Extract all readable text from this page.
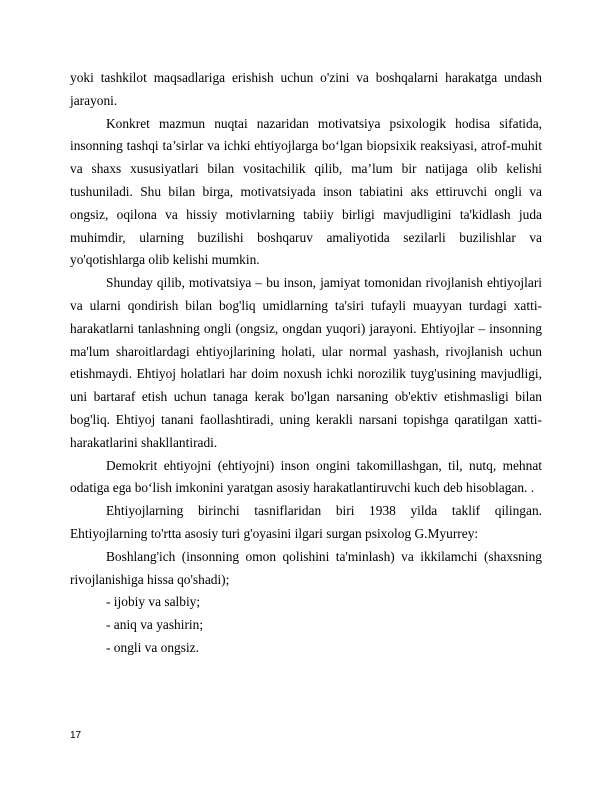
yoki tashkilot maqsadlariga erishish uchun o'zini va boshqalarni harakatga undash jarayoni.

Konkret mazmun nuqtai nazaridan motivatsiya psixologik hodisa sifatida, insonning tashqi ta’sirlar va ichki ehtiyojlarga bo‘lgan biopsixik reaksiyasi, atrof-muhit va shaxs xususiyatlari bilan vositachilik qilib, ma’lum bir natijaga olib kelishi tushuniladi. Shu bilan birga, motivatsiyada inson tabiatini aks ettiruvchi ongli va ongsiz, oqilona va hissiy motivlarning tabiiy birligi mavjudligini ta'kidlash juda muhimdir, ularning buzilishi boshqaruv amaliyotida sezilarli buzilishlar va yo'qotishlarga olib kelishi mumkin.

Shunday qilib, motivatsiya – bu inson, jamiyat tomonidan rivojlanish ehtiyojlari va ularni qondirish bilan bog'liq umidlarning ta'siri tufayli muayyan turdagi xatti-harakatlarni tanlashning ongli (ongsiz, ongdan yuqori) jarayoni. Ehtiyojlar – insonning ma'lum sharoitlardagi ehtiyojlarining holati, ular normal yashash, rivojlanish uchun etishmaydi. Ehtiyoj holatlari har doim noxush ichki norozilik tuyg'usining mavjudligi, uni bartaraf etish uchun tanaga kerak bo'lgan narsaning ob'ektiv etishmasligi bilan bog'liq. Ehtiyoj tanani faollashtiradi, uning kerakli narsani topishga qaratilgan xatti-harakatlarini shakllantiradi.

Demokrit ehtiyojni (ehtiyojni) inson ongini takomillashgan, til, nutq, mehnat odatiga ega bo‘lish imkonini yaratgan asosiy harakatlantiruvchi kuch deb hisoblagan. .

Ehtiyojlarning birinchi tasniflaridan biri 1938 yilda taklif qilingan. Ehtiyojlarning to'rtta asosiy turi g'oyasini ilgari surgan psixolog G.Myurrey:

Boshlang'ich (insonning omon qolishini ta'minlash) va ikkilamchi (shaxsning rivojlanishiga hissa qo'shadi);

- ijobiy va salbiy;

- aniq va yashirin;

- ongli va ongsiz.

17
